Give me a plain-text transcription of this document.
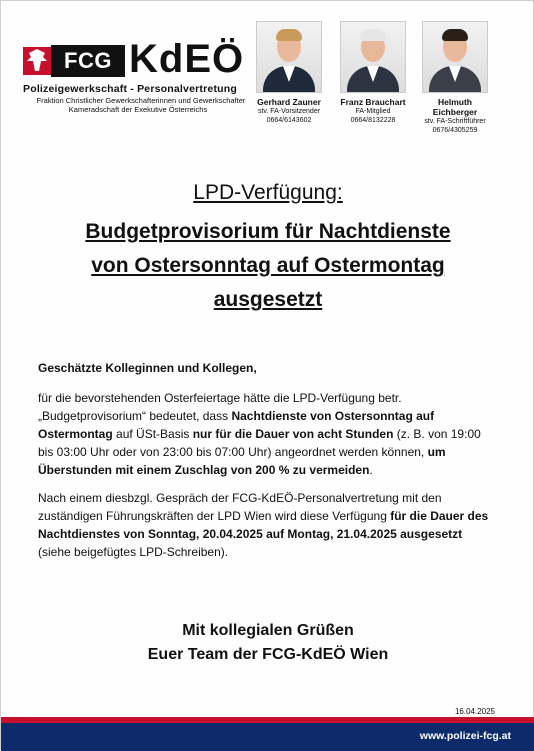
FCG KdEÖ
Polizeigewerkschaft - Personalvertretung
Fraktion Christlicher Gewerkschafterinnen und Gewerkschafter
Kameradschaft der Exekutive Österreichs
Gerhard Zauner
stv. FA-Vorsitzender
0664/6143602
Franz Brauchart
FA-Mitglied
0664/8132228
Helmuth Eichberger
stv. FA-Schriftführer
0676/4305259
LPD-Verfügung:
Budgetprovisorium für Nachtdienste
von Ostersonntag auf Ostermontag
ausgesetzt
Geschätzte Kolleginnen und Kollegen,
für die bevorstehenden Osterfeiertage hätte die LPD-Verfügung betr. „Budgetprovisorium“ bedeutet, dass Nachtdienste von Ostersonntag auf Ostermontag auf ÜSt-Basis nur für die Dauer von acht Stunden (z. B. von 19:00 bis 03:00 Uhr oder von 23:00 bis 07:00 Uhr) angeordnet werden können, um Überstunden mit einem Zuschlag von 200 % zu vermeiden.
Nach einem diesbzgl. Gespräch der FCG-KdEÖ-Personalvertretung mit den zuständigen Führungskräften der LPD Wien wird diese Verfügung für die Dauer des Nachtdienstes von Sonntag, 20.04.2025 auf Montag, 21.04.2025 ausgesetzt (siehe beigefügtes LPD-Schreiben).
Mit kollegialen Grüßen
Euer Team der FCG-KdEÖ Wien
16.04.2025
www.polizei-fcg.at
